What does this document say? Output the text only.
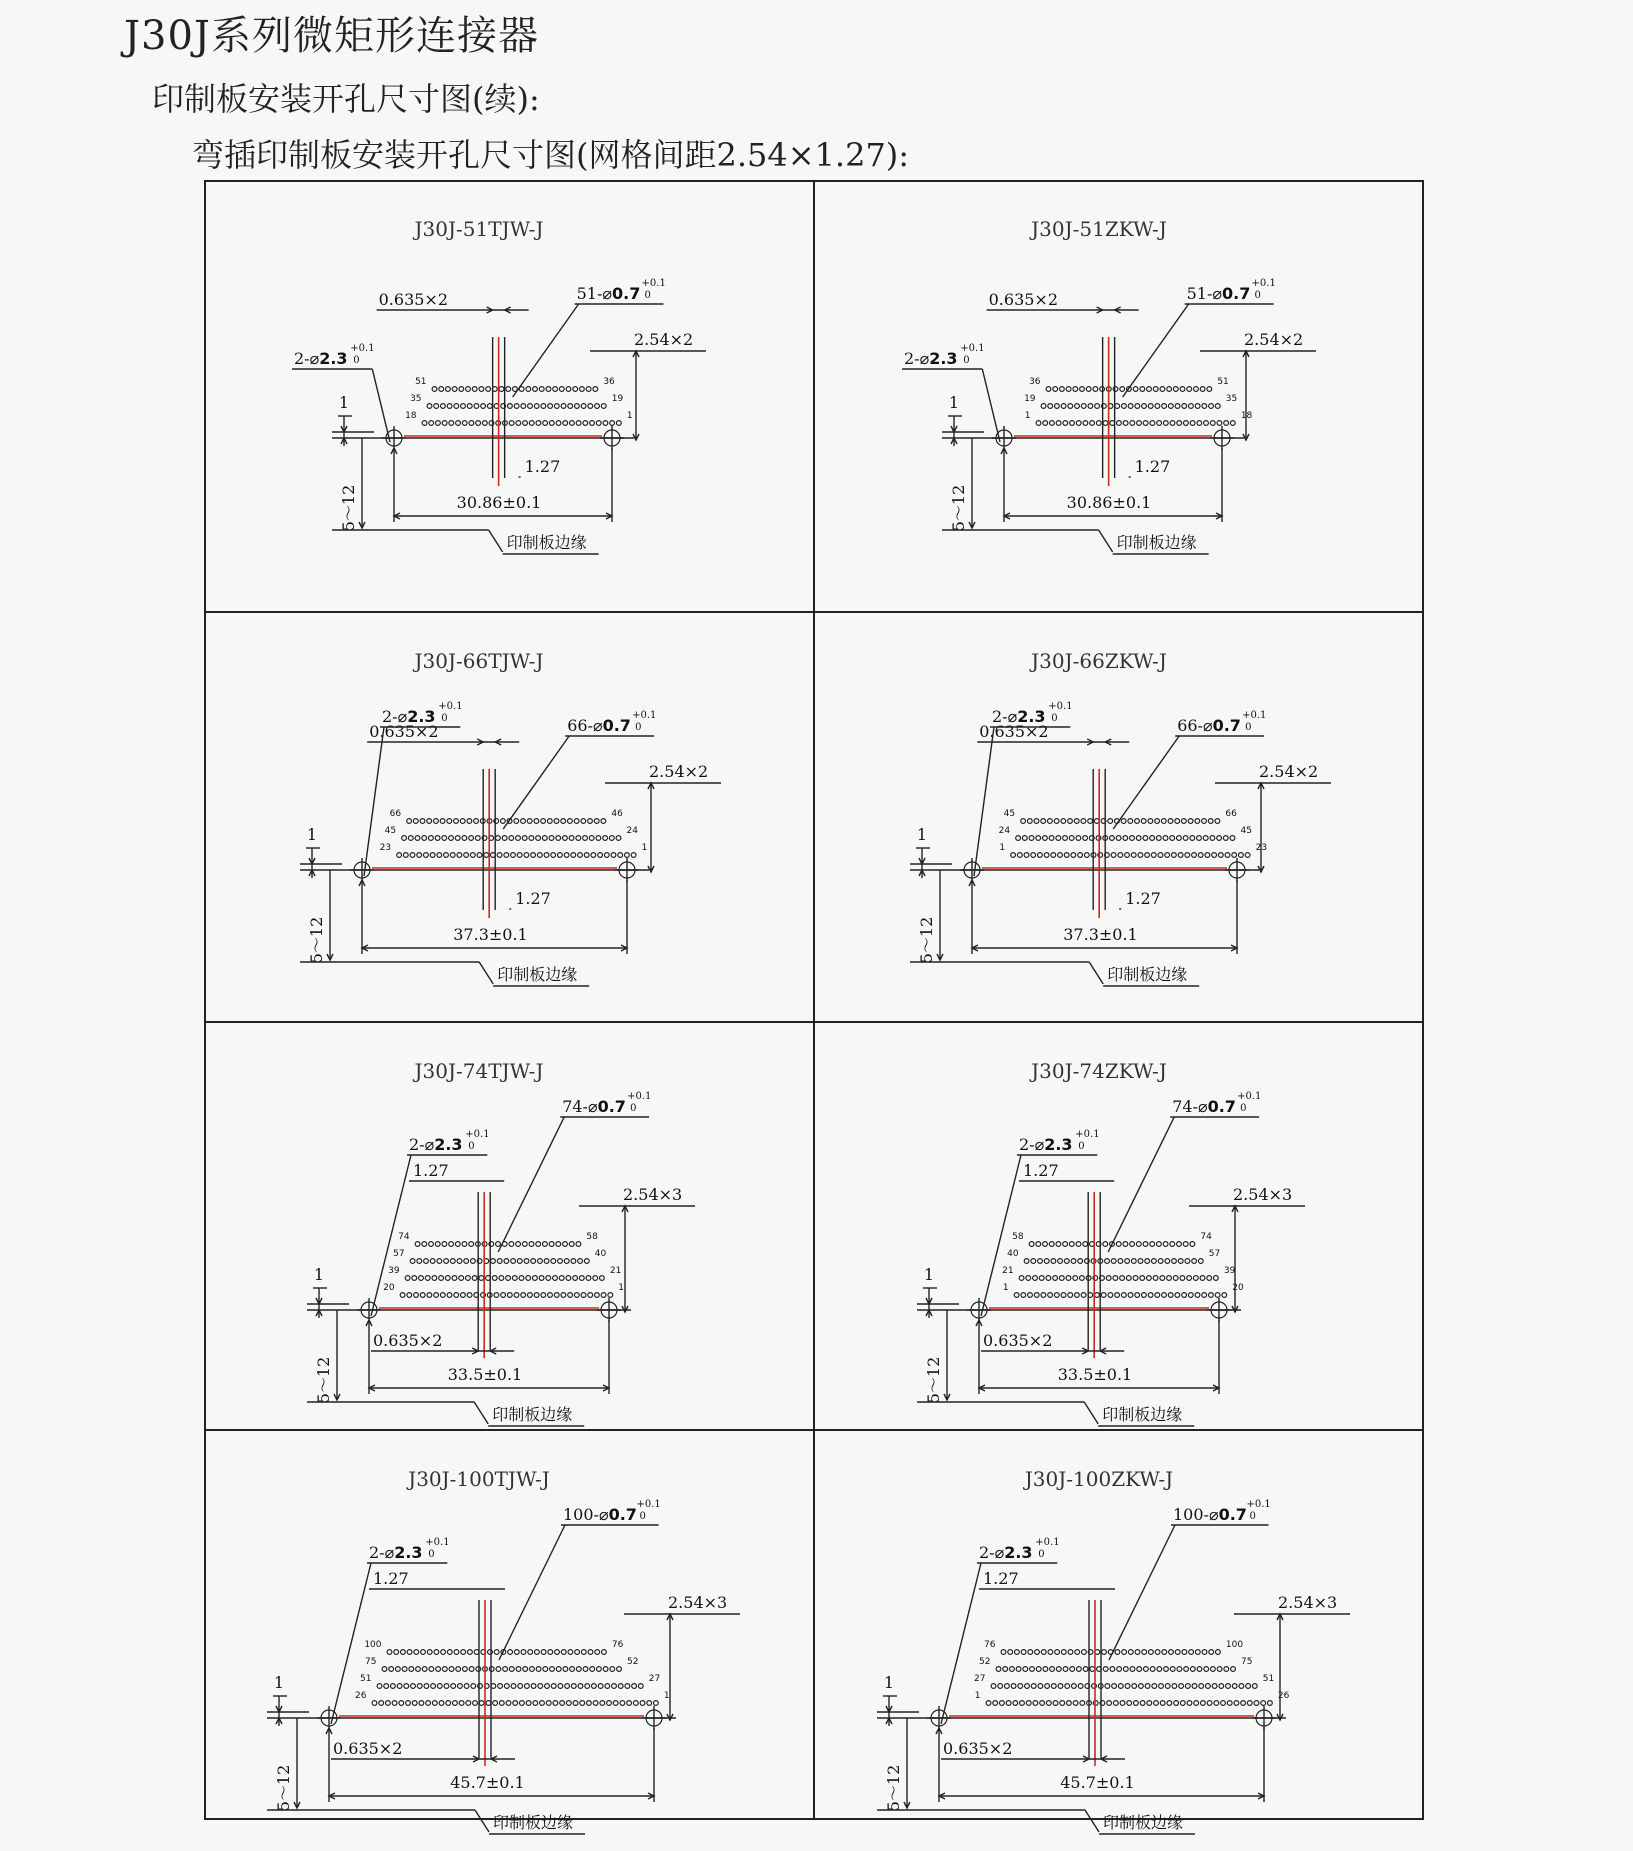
J30J系列微矩形连接器
印制板安装开孔尺寸图(续):
弯插印制板安装开孔尺寸图(网格间距2.54×1.27):
J30J-51TJW-J
51	36
35	19
18	1
0.635×2	51-⌀0.7
+0.1
0
2-⌀2.3
+0.1
0
1.27
2.54×2
1
5～12	30.86±0.1
印制板边缘
J30J-51ZKW-J
36	51
19	35
1	18
0.635×2	51-⌀0.7
+0.1
0
2-⌀2.3
+0.1
0
1.27
2.54×2
1
5～12	30.86±0.1
印制板边缘
J30J-66TJW-J
66	46
45	24
23	1
0.635×2	66-⌀0.7
+0.1
0
2-⌀2.3
+0.1
0
1.27
2.54×2
1
5～12	37.3±0.1
印制板边缘
J30J-66ZKW-J
45	66
24	45
1	23
0.635×2	66-⌀0.7
+0.1
0
2-⌀2.3
+0.1
0
1.27
2.54×2
1
5～12	37.3±0.1
印制板边缘
J30J-74TJW-J
74	58
57	40
39	21
20	1
0.635×2
74-⌀0.7
+0.1
0
2-⌀2.3
+0.1
0
1.27
2.54×3
1
5～12	33.5±0.1
印制板边缘
J30J-74ZKW-J
58	74
40	57
21	39
1	20
0.635×2
74-⌀0.7
+0.1
0
2-⌀2.3
+0.1
0
1.27
2.54×3
1
5～12	33.5±0.1
印制板边缘
J30J-100TJW-J
100	76
75	52
51	27
26	1
0.635×2
100-⌀0.7
+0.1
0
2-⌀2.3
+0.1
0
1.27
2.54×3
1
5～12	45.7±0.1
印制板边缘
J30J-100ZKW-J
76	100
52	75
27	51
1	26
0.635×2
100-⌀0.7
+0.1
0
2-⌀2.3
+0.1
0
1.27
2.54×3
1
5～12	45.7±0.1
印制板边缘
